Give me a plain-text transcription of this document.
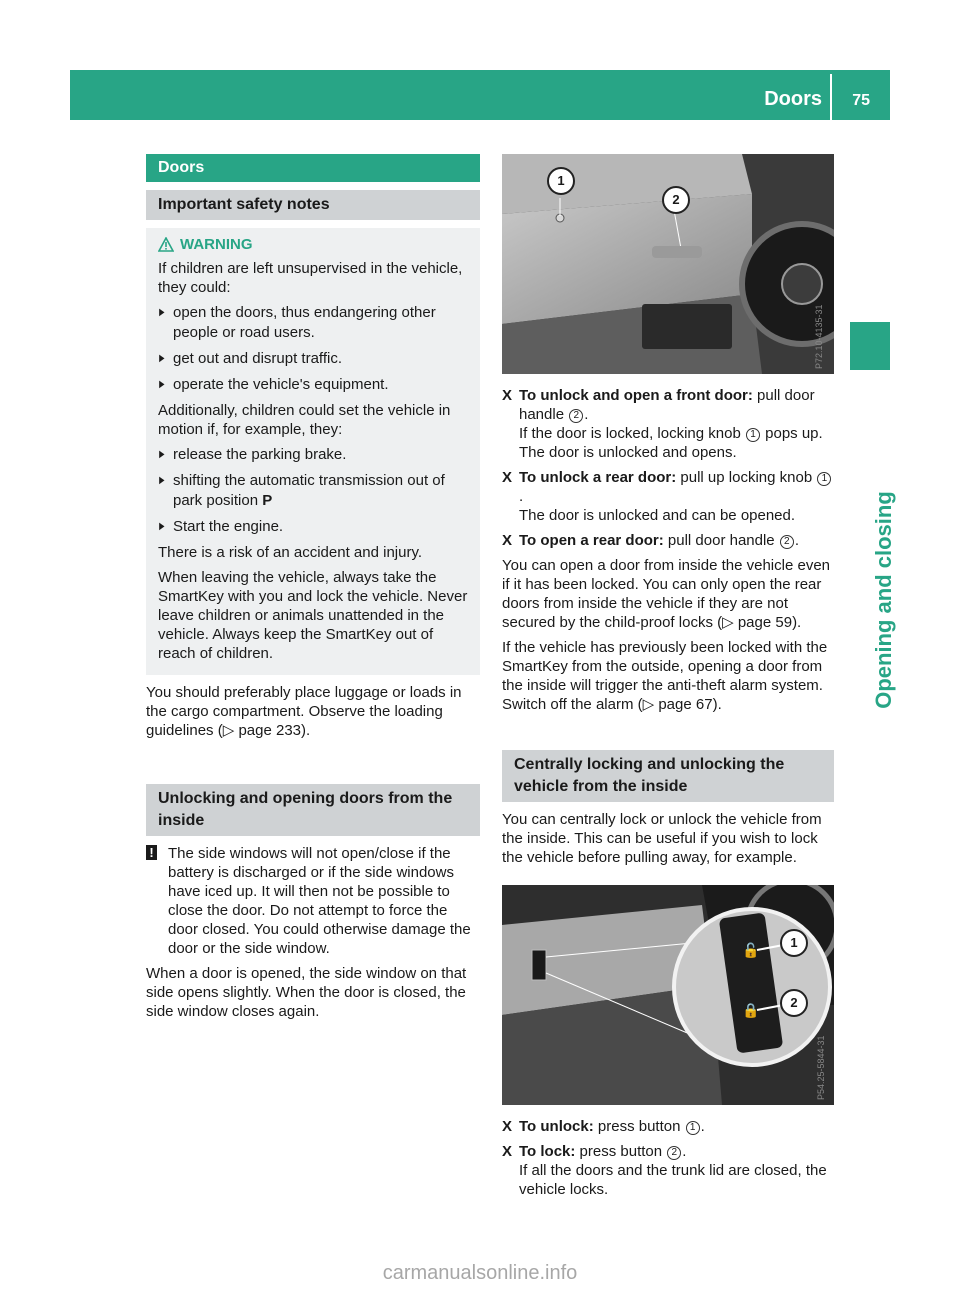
Doors 75
Opening and closing
Doors
Important safety notes
WARNING

If children are left unsupervised in the vehicle, they could:

▶ open the doors, thus endangering other people or road users.
▶ get out and disrupt traffic.
▶ operate the vehicle's equipment.

Additionally, children could set the vehicle in motion if, for example, they:

▶ release the parking brake.
▶ shifting the automatic transmission out of park position P
▶ Start the engine.

There is a risk of an accident and injury.

When leaving the vehicle, always take the SmartKey with you and lock the vehicle. Never leave children or animals unattended in the vehicle. Always keep the SmartKey out of reach of children.

You should preferably place luggage or loads in the cargo compartment. Observe the loading guidelines (▷ page 233).

Unlocking and opening doors from the inside
! The side windows will not open/close if the battery is discharged or if the side windows have iced up. It will then not be possible to close the door. Do not attempt to force the door closed. You could otherwise damage the door or the side window.

When a door is opened, the side window on that side opens slightly. When the door is closed, the side window closes again.

P72.10-4135-31
1
2
X To unlock and open a front door: pull door handle 2 .
If the door is locked, locking knob 1 pops up.
The door is unlocked and opens.
X To unlock a rear door: pull up locking knob 1.
The door is unlocked and can be opened.
X To open a rear door: pull door handle 2 .

You can open a door from inside the vehicle even if it has been locked. You can only open the rear doors from inside the vehicle if they are not secured by the child-proof locks (▷ page 59).

If the vehicle has previously been locked with the SmartKey from the outside, opening a door from the inside will trigger the anti-theft alarm system. Switch off the alarm (▷ page 67).

Centrally locking and unlocking the vehicle from the inside

You can centrally lock or unlock the vehicle from the inside. This can be useful if you wish to lock the vehicle before pulling away, for example.

🔓
🔒
P54.25-5844-31
1
2
X To unlock: press button 1 .
X To lock: press button 2 .
If all the doors and the trunk lid are closed, the vehicle locks.
carmanualsonline.info
